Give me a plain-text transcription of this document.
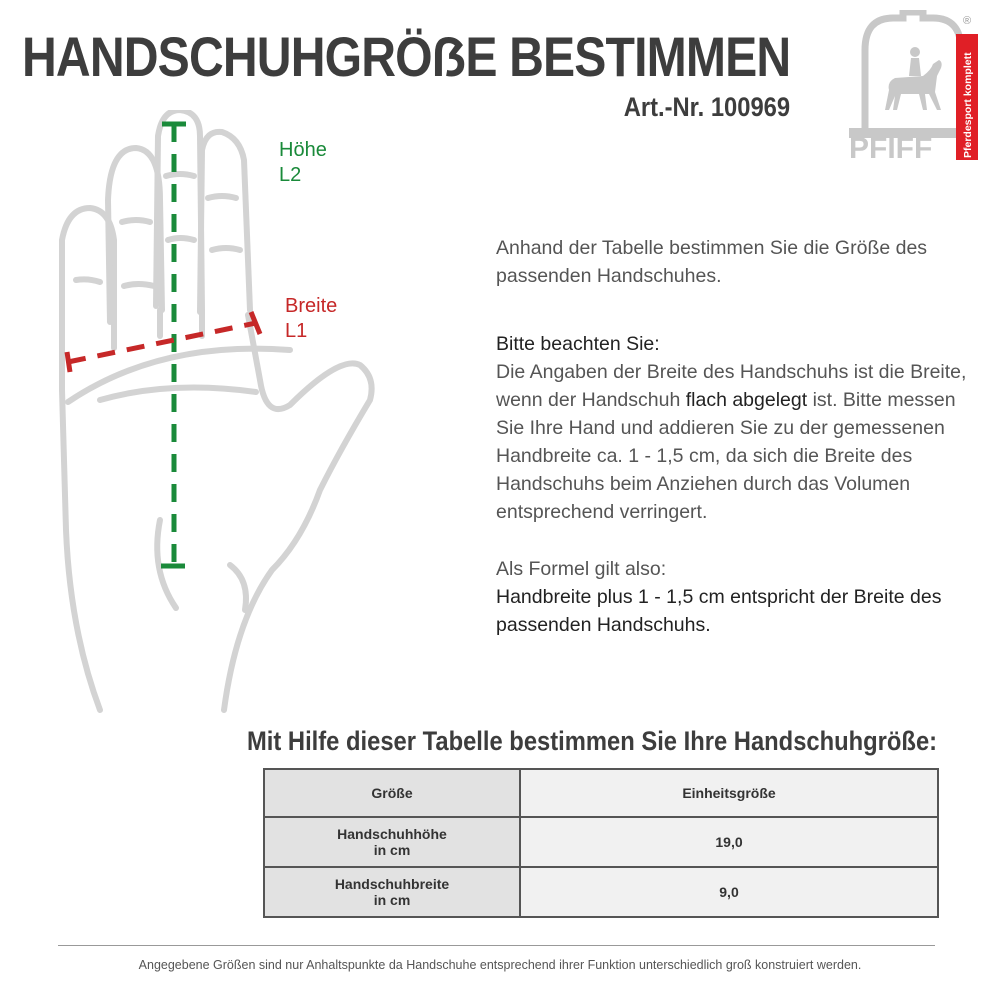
HANDSCHUHGRÖẞE BESTIMMEN
Art.-Nr. 100969
®
PFIFF	Pferdesport komplett
Höhe
L2
Breite
L1

Anhand der Tabelle bestimmen Sie die Größe des passenden Handschuhes.

Bitte beachten Sie:

Die Angaben der Breite des Handschuhs ist die Breite, wenn der Handschuh flach abgelegt ist. Bitte messen Sie Ihre Hand und addieren Sie zu der gemessenen Handbreite ca. 1 - 1,5 cm, da sich die Breite des Handschuhs beim Anziehen durch das Volumen entsprechend verringert.

Als Formel gilt also:

Handbreite plus 1 - 1,5 cm entspricht der Breite des passenden Handschuhs.

Mit Hilfe dieser Tabelle bestimmen Sie Ihre Handschuhgröße:
Größe	Einheitsgröße

Handschuhhöhe
in cm	19,0

Handschuhbreite
in cm	9,0
Angegebene Größen sind nur Anhaltspunkte da Handschuhe entsprechend ihrer Funktion unterschiedlich groß konstruiert werden.
